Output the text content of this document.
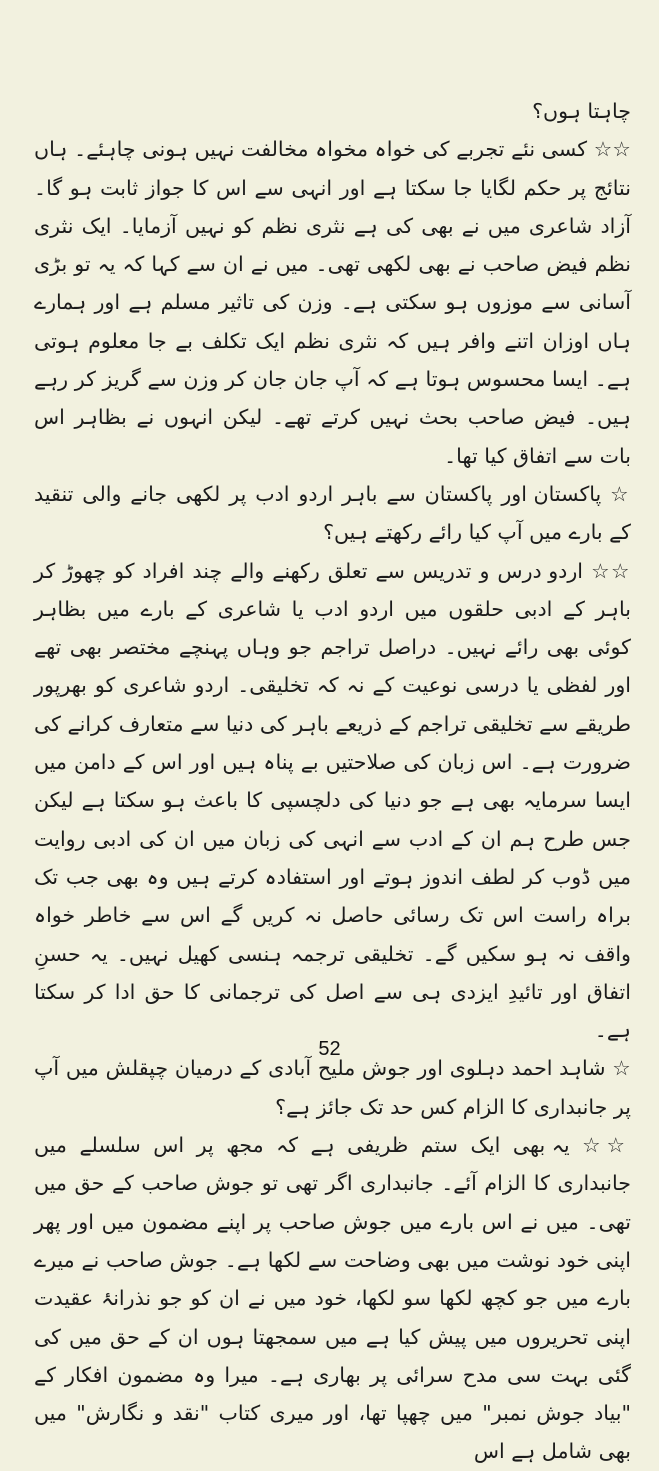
چاہتا ہوں؟

☆☆ کسی نئے تجربے کی خواہ مخواہ مخالفت نہیں ہونی چاہئے۔ ہاں نتائج پر حکم لگایا جا سکتا ہے اور انہی سے اس کا جواز ثابت ہو گا۔ آزاد شاعری میں نے بھی کی ہے نثری نظم کو نہیں آزمایا۔ ایک نثری نظم فیض صاحب نے بھی لکھی تھی۔ میں نے ان سے کہا کہ یہ تو بڑی آسانی سے موزوں ہو سکتی ہے۔ وزن کی تاثیر مسلم ہے اور ہمارے ہاں اوزان اتنے وافر ہیں کہ نثری نظم ایک تکلف بے جا معلوم ہوتی ہے۔ ایسا محسوس ہوتا ہے کہ آپ جان جان کر وزن سے گریز کر رہے ہیں۔ فیض صاحب بحث نہیں کرتے تھے۔ لیکن انہوں نے بظاہر اس بات سے اتفاق کیا تھا۔

☆ پاکستان اور پاکستان سے باہر اردو ادب پر لکھی جانے والی تنقید کے بارے میں آپ کیا رائے رکھتے ہیں؟

☆☆ اردو درس و تدریس سے تعلق رکھنے والے چند افراد کو چھوڑ کر باہر کے ادبی حلقوں میں اردو ادب یا شاعری کے بارے میں بظاہر کوئی بھی رائے نہیں۔ دراصل تراجم جو وہاں پہنچے مختصر بھی تھے اور لفظی یا درسی نوعیت کے نہ کہ تخلیقی۔ اردو شاعری کو بھرپور طریقے سے تخلیقی تراجم کے ذریعے باہر کی دنیا سے متعارف کرانے کی ضرورت ہے۔ اس زبان کی صلاحتیں بے پناہ ہیں اور اس کے دامن میں ایسا سرمایہ بھی ہے جو دنیا کی دلچسپی کا باعث ہو سکتا ہے لیکن جس طرح ہم ان کے ادب سے انہی کی زبان میں ان کی ادبی روایت میں ڈوب کر لطف اندوز ہوتے اور استفادہ کرتے ہیں وہ بھی جب تک براہ راست اس تک رسائی حاصل نہ کریں گے اس سے خاطر خواہ واقف نہ ہو سکیں گے۔ تخلیقی ترجمہ ہنسی کھیل نہیں۔ یہ حسنِ اتفاق اور تائیدِ ایزدی ہی سے اصل کی ترجمانی کا حق ادا کر سکتا ہے۔

☆ شاہد احمد دہلوی اور جوش ملیح آبادی کے درمیان چپقلش میں آپ پر جانبداری کا الزام کس حد تک جائز ہے؟

☆☆ یہ بھی ایک ستم ظریفی ہے کہ مجھ پر اس سلسلے میں جانبداری کا الزام آئے۔ جانبداری اگر تھی تو جوش صاحب کے حق میں تھی۔ میں نے اس بارے میں جوش صاحب پر اپنے مضمون میں اور پھر اپنی خود نوشت میں بھی وضاحت سے لکھا ہے۔ جوش صاحب نے میرے بارے میں جو کچھ لکھا سو لکھا، خود میں نے ان کو جو نذرانۂ عقیدت اپنی تحریروں میں پیش کیا ہے میں سمجھتا ہوں ان کے حق میں کی گئی بہت سی مدح سرائی پر بھاری ہے۔ میرا وہ مضمون افکار کے "بیاد جوش نمبر" میں چھپا تھا، اور میری کتاب "نقد و نگارش" میں بھی شامل ہے اس

52
